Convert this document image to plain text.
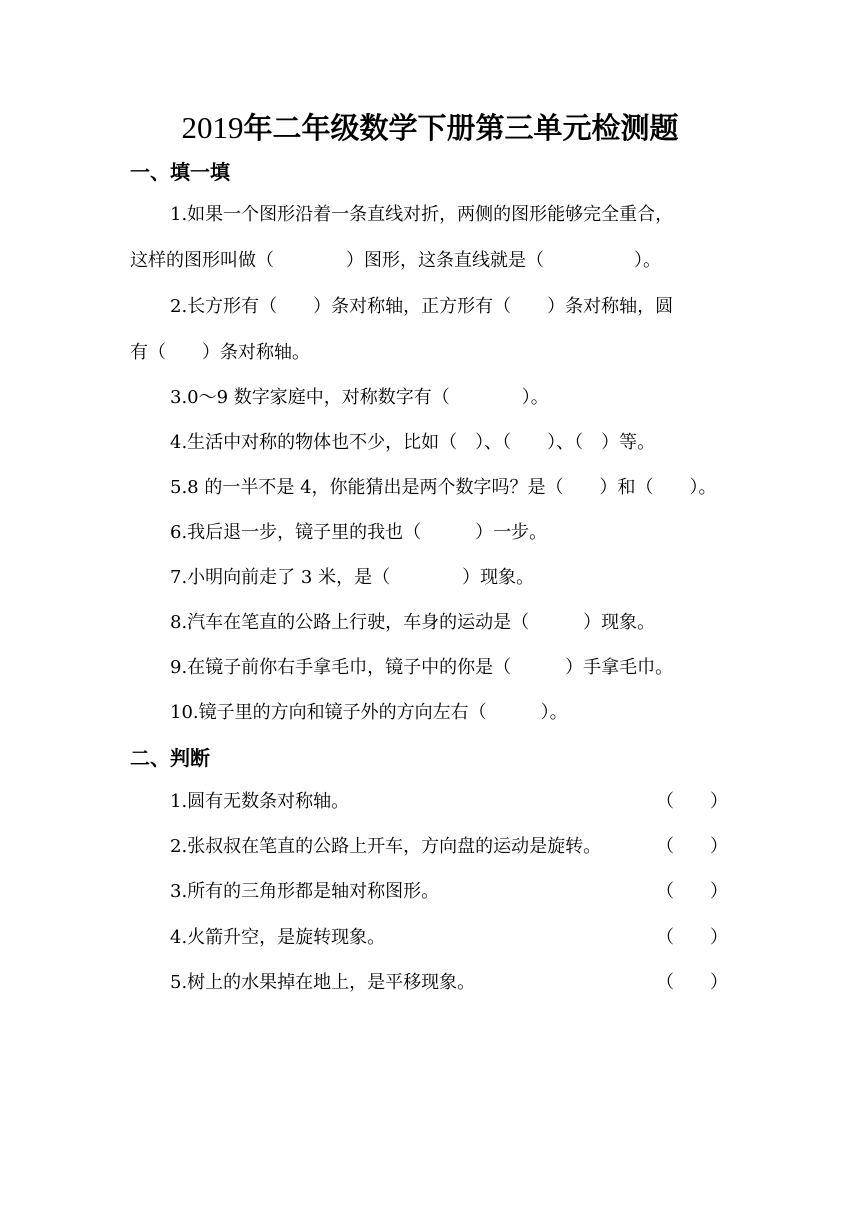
2019年二年级数学下册第三单元检测题
一、填一填
1.如果一个图形沿着一条直线对折，两侧的图形能够完全重合，
这样的图形叫做（　　　　）图形，这条直线就是（　　　　　）。
2.长方形有（　　）条对称轴，正方形有（　　）条对称轴，圆
有（　　）条对称轴。
3.0～9 数字家庭中，对称数字有（　　　　）。
4.生活中对称的物体也不少，比如（　）、（　　）、（　）等。
5.8 的一半不是 4，你能猜出是两个数字吗？是（　　）和（　　）。
6.我后退一步，镜子里的我也（　　　）一步。
7.小明向前走了 3 米，是（　　　　）现象。
8.汽车在笔直的公路上行驶，车身的运动是（　　　）现象。
9.在镜子前你右手拿毛巾，镜子中的你是（　　　）手拿毛巾。
10.镜子里的方向和镜子外的方向左右（　　　）。
二、判断
1.圆有无数条对称轴。	（　　）
2.张叔叔在笔直的公路上开车，方向盘的运动是旋转。	（　　）
3.所有的三角形都是轴对称图形。	（　　）
4.火箭升空，是旋转现象。	（　　）
5.树上的水果掉在地上，是平移现象。	（　　）
